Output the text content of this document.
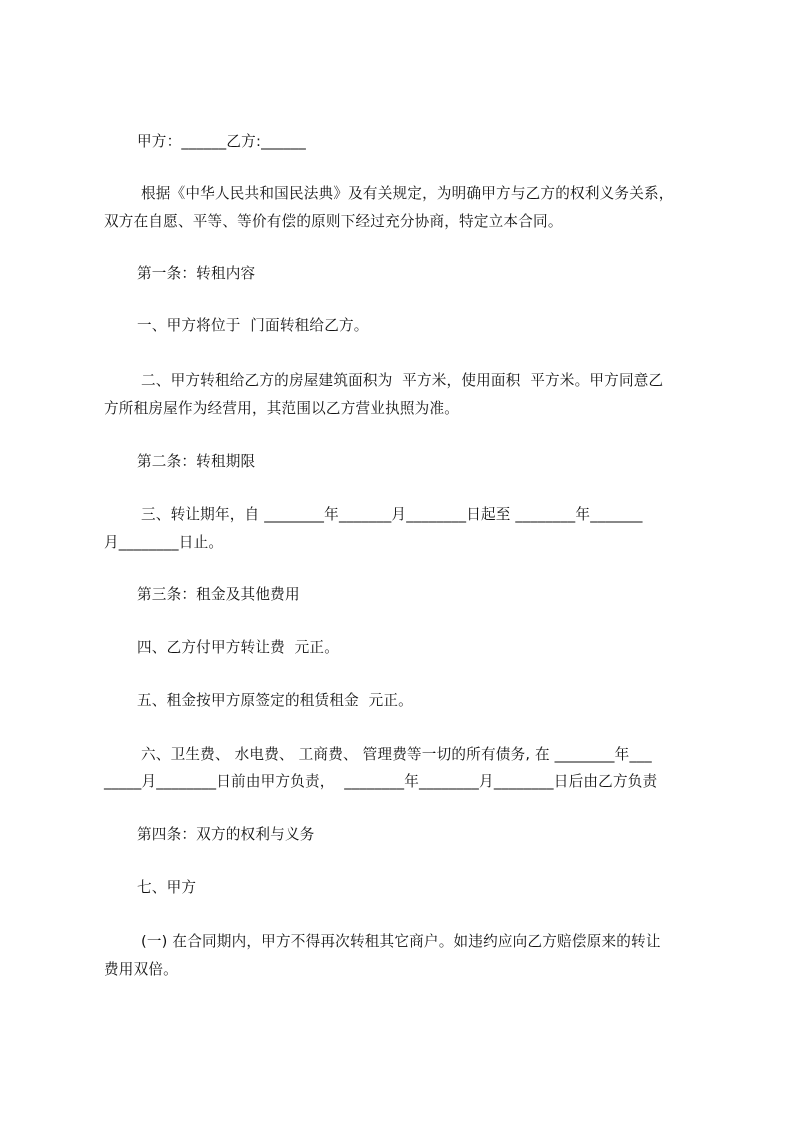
甲方：______乙方:______
根据《中华人民共和国民法典》及有关规定，为明确甲方与乙方的权利义务关系，
双方在自愿、平等、等价有偿的原则下经过充分协商，特定立本合同。
第一条：转租内容
一、甲方将位于  门面转租给乙方。
二、甲方转租给乙方的房屋建筑面积为  平方米，使用面积  平方米。甲方同意乙
方所租房屋作为经营用，其范围以乙方营业执照为准。
第二条：转租期限
三、转让期年，自 ________年_______月________日起至 ________年_______
月________日止。
第三条：租金及其他费用
四、乙方付甲方转让费  元正。
五、租金按甲方原签定的租赁租金  元正。
六、卫生费、 水电费、 工商费、 管理费等一切的所有债务, 在 ________年___
_____月________日前由甲方负责，  ________年________月________日后由乙方负责
第四条：双方的权利与义务
七、甲方
(一) 在合同期内，甲方不得再次转租其它商户。如违约应向乙方赔偿原来的转让
费用双倍。
